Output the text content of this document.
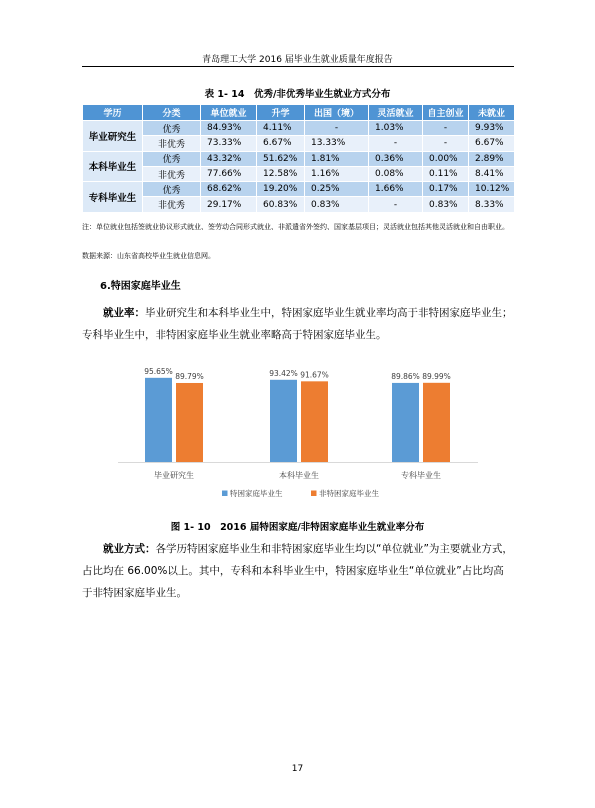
青岛理工大学 2016 届毕业生就业质量年度报告
表 1- 14　优秀/非优秀毕业生就业方式分布
学历	分类	单位就业	升学	出国（境）	灵活就业	自主创业	未就业
毕业研究生	优秀	84.93%	4.11%	-	1.03%	-	9.93%
	非优秀	73.33%	6.67%	13.33%	-	-	6.67%
本科毕业生	优秀	43.32%	51.62%	1.81%	0.36%	0.00%	2.89%
	非优秀	77.66%	12.58%	1.16%	0.08%	0.11%	8.41%
专科毕业生	优秀	68.62%	19.20%	0.25%	1.66%	0.17%	10.12%
	非优秀	29.17%	60.83%	0.83%	-	0.83%	8.33%
注：单位就业包括签就业协议形式就业、签劳动合同形式就业、非派遣省外签约、国家基层项目；灵活就业包括其他灵活就业和自由职业。
数据来源：山东省高校毕业生就业信息网。
6.特困家庭毕业生
就业率：毕业研究生和本科毕业生中，特困家庭毕业生就业率均高于非特困家庭毕业生；专科毕业生中，非特困家庭毕业生就业率略高于特困家庭毕业生。
95.65%
89.79%
毕业研究生
93.42% 91.67%
本科毕业生
89.86% 89.99%
专科毕业生
特困家庭毕业生	非特困家庭毕业生
图 1- 10　2016 届特困家庭/非特困家庭毕业生就业率分布
就业方式：各学历特困家庭毕业生和非特困家庭毕业生均以“单位就业”为主要就业方式，占比均在 66.00%以上。其中，专科和本科毕业生中，特困家庭毕业生“单位就业”占比均高于非特困家庭毕业生。
17
